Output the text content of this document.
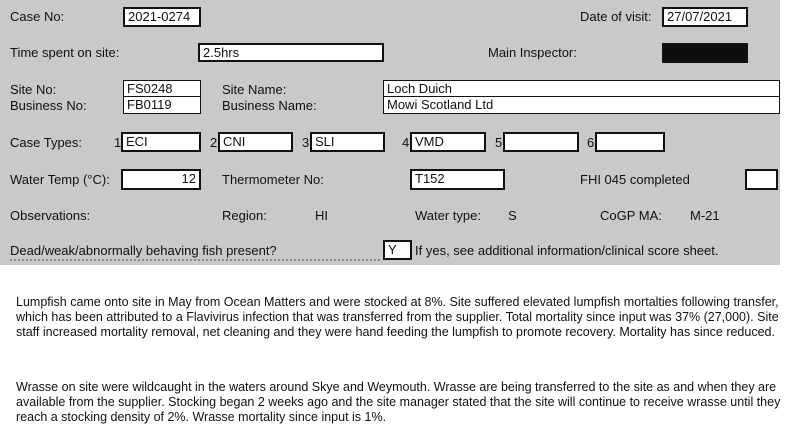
Case No:	2021-0274	Date of visit:	27/07/2021
Time spent on site:	2.5hrs	Main Inspector:
Site No:	FS0248	Site Name:	Loch Duich
Business No:	FB0119	Business Name:	Mowi Scotland Ltd
Case Types: 1 ECI	2 CNI	3 SLI	4 VMD	5	6
Water Temp (°C):	12	Thermometer No:	T152	FHI 045 completed
Observations:	Region:	HI	Water type: S	CoGP MA: M-21
Dead/weak/abnormally behaving fish present?	Y	If yes, see additional information/clinical score sheet.
Lumpfish came onto site in May from Ocean Matters and were stocked at 8%. Site suffered elevated lumpfish mortalties following transfer, which has been attributed to a Flavivirus infection that was transferred from the supplier. Total mortality since input was 37% (27,000). Site staff increased mortality removal, net cleaning and they were hand feeding the lumpfish to promote recovery. Mortality has since reduced.
Wrasse on site were wildcaught in the waters around Skye and Weymouth. Wrasse are being transferred to the site as and when they are available from the supplier. Stocking began 2 weeks ago and the site manager stated that the site will continue to receive wrasse until they reach a stocking density of 2%. Wrasse mortality since input is 1%.
